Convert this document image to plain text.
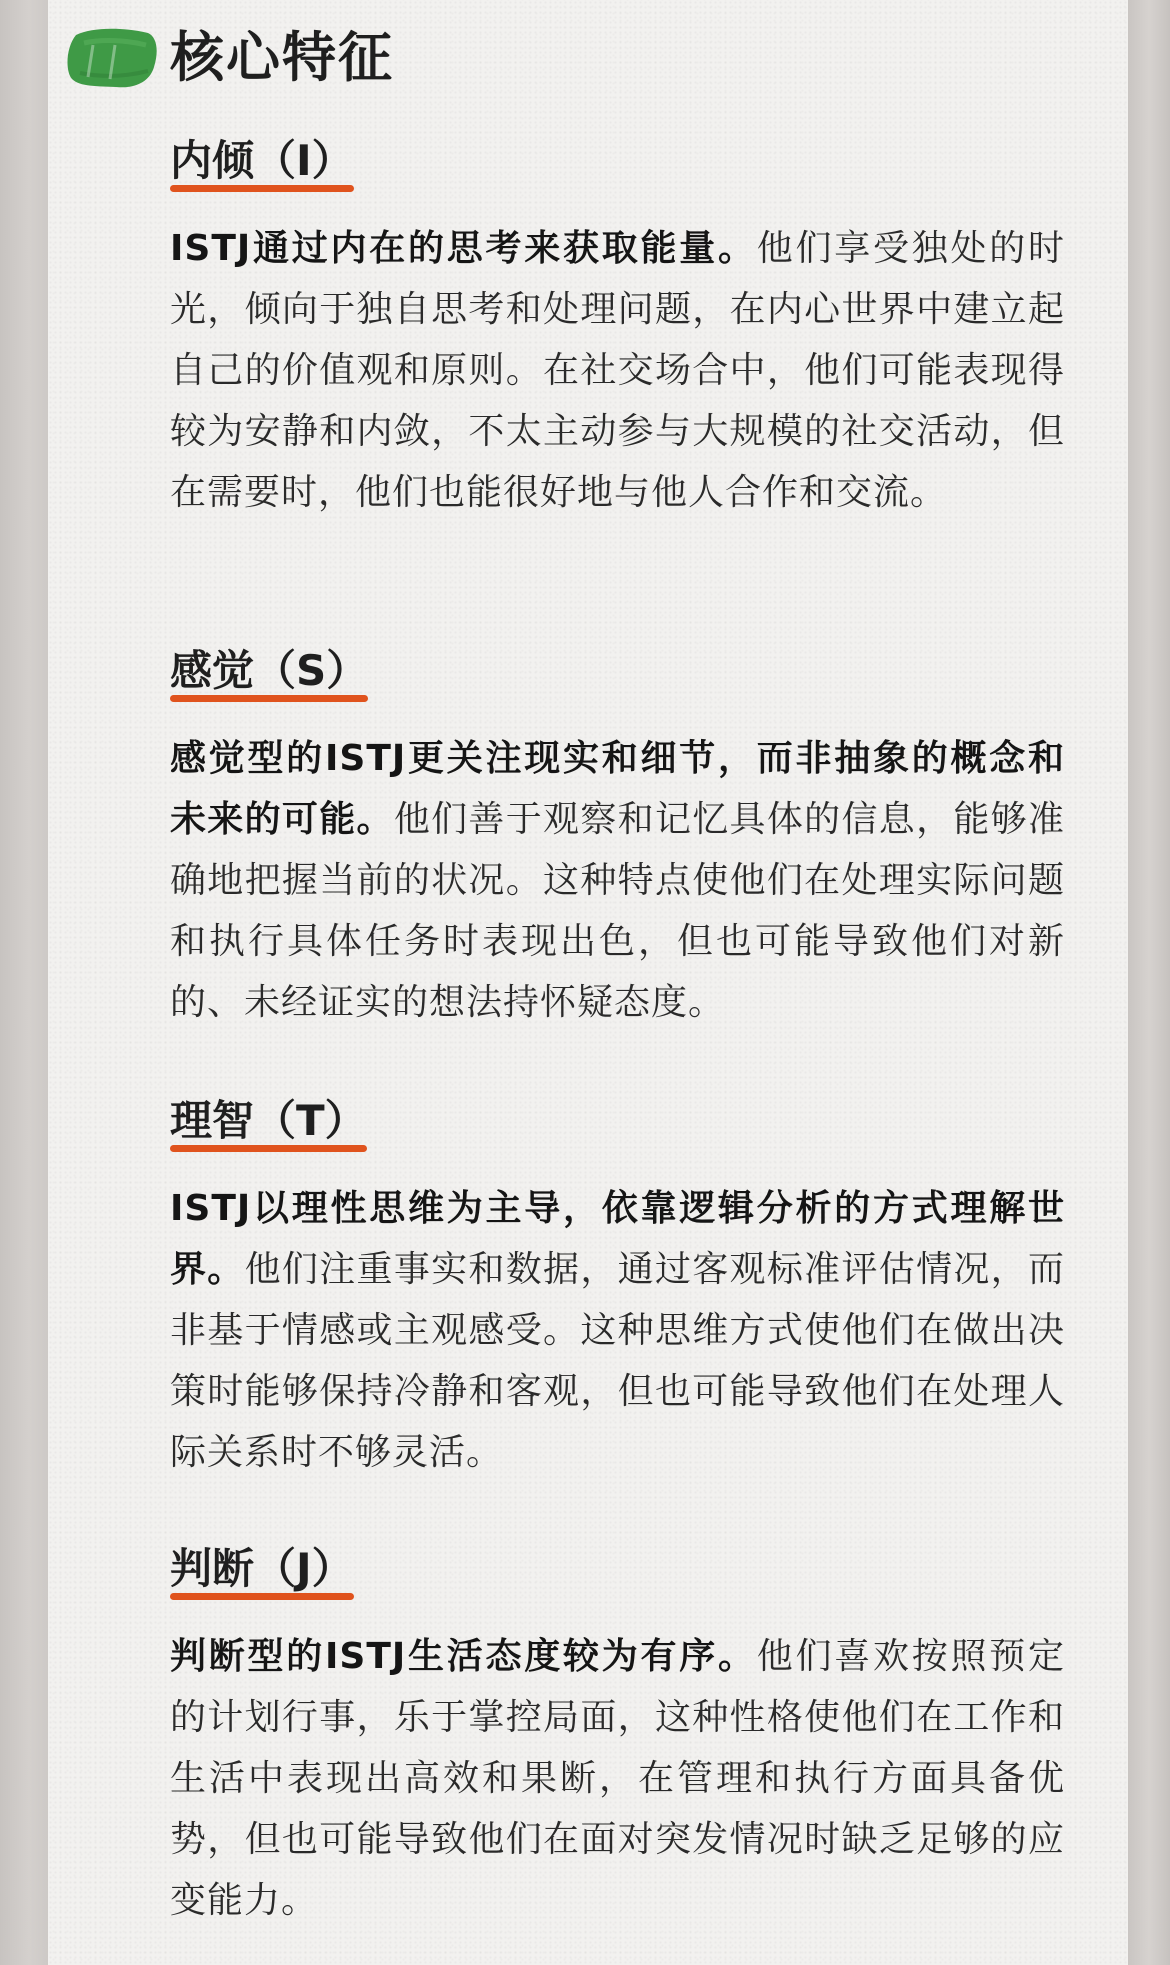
核心特征
内倾（I）
ISTJ通过内在的思考来获取能量。他们享受独处的时光，倾向于独自思考和处理问题，在内心世界中建立起自己的价值观和原则。在社交场合中，他们可能表现得较为安静和内敛，不太主动参与大规模的社交活动，但在需要时，他们也能很好地与他人合作和交流。
感觉（S）
感觉型的ISTJ更关注现实和细节，而非抽象的概念和未来的可能。他们善于观察和记忆具体的信息，能够准确地把握当前的状况。这种特点使他们在处理实际问题和执行具体任务时表现出色，但也可能导致他们对新的、未经证实的想法持怀疑态度。
理智（T）
ISTJ以理性思维为主导，依靠逻辑分析的方式理解世界。他们注重事实和数据，通过客观标准评估情况，而非基于情感或主观感受。这种思维方式使他们在做出决策时能够保持冷静和客观，但也可能导致他们在处理人际关系时不够灵活。
判断（J）
判断型的ISTJ生活态度较为有序。他们喜欢按照预定的计划行事，乐于掌控局面，这种性格使他们在工作和生活中表现出高效和果断，在管理和执行方面具备优势，但也可能导致他们在面对突发情况时缺乏足够的应变能力。
